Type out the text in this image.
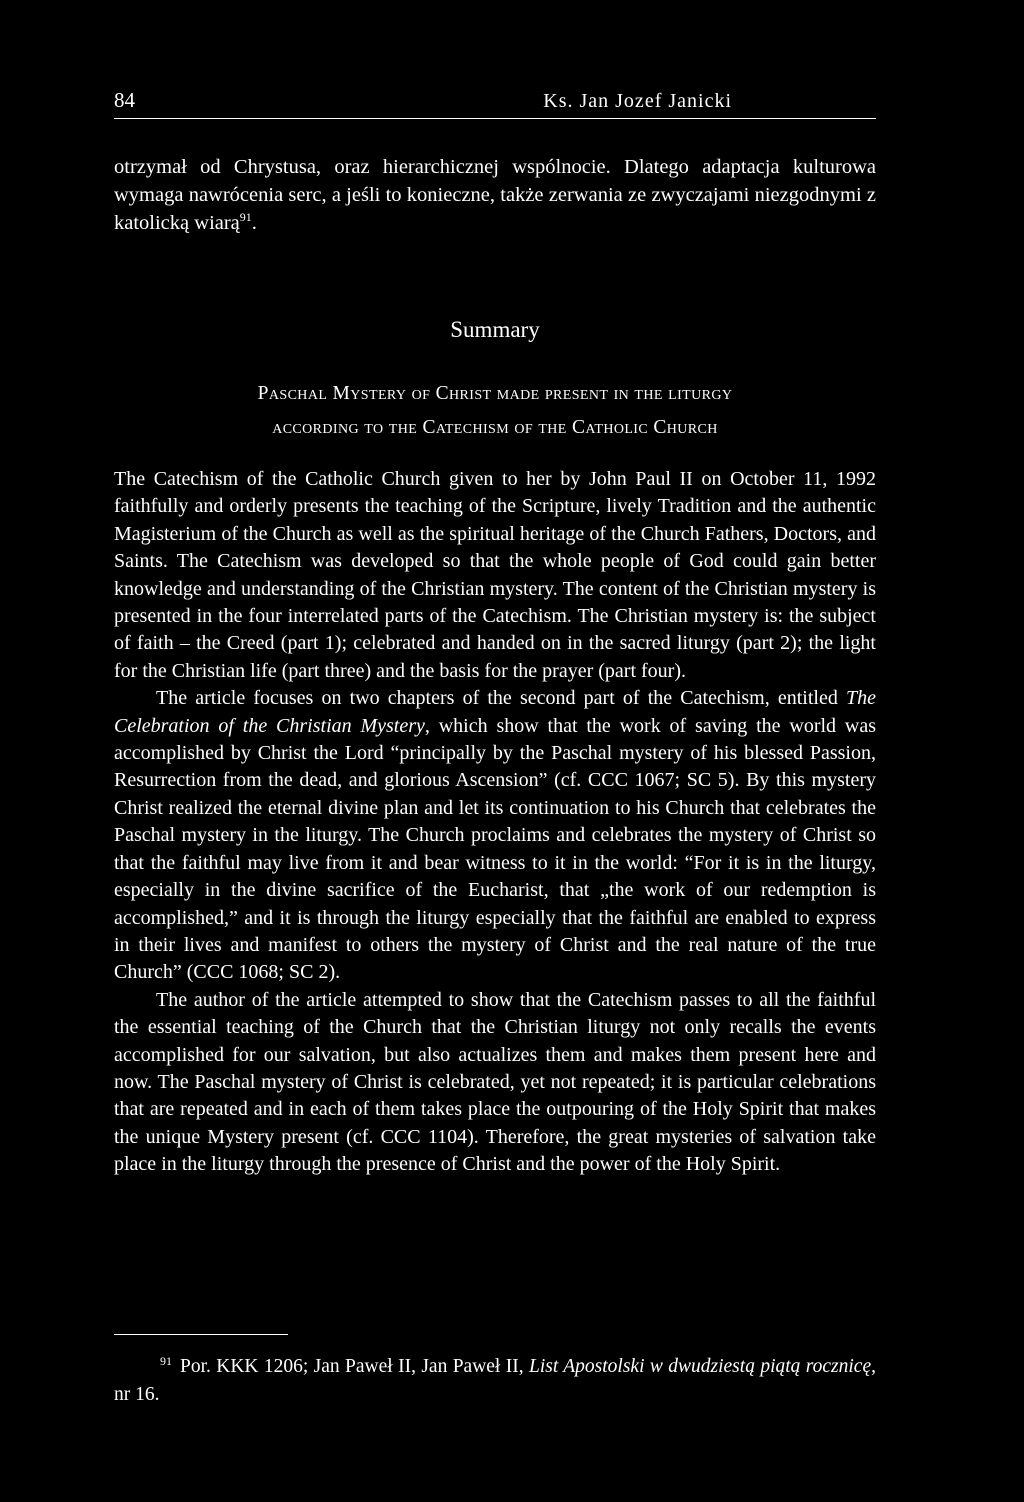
84	Ks. Jan Jozef Janicki
otrzymał od Chrystusa, oraz hierarchicznej wspólnocie. Dlatego adaptacja kulturowa wymaga nawrócenia serc, a jeśli to konieczne, także zerwania ze zwyczajami niezgodnymi z katolicką wiarą$^{91}$.
Summary
Paschal Mystery of Christ made present in the liturgy
according to the Catechism of the Catholic Church

The Catechism of the Catholic Church given to her by John Paul II on October 11, 1992 faithfully and orderly presents the teaching of the Scripture, lively Tradition and the authentic Magisterium of the Church as well as the spiritual heritage of the Church Fathers, Doctors, and Saints. The Catechism was developed so that the whole people of God could gain better knowledge and understanding of the Christian mystery. The content of the Christian mystery is presented in the four interrelated parts of the Catechism. The Christian mystery is: the subject of faith – the Creed (part 1); celebrated and handed on in the sacred liturgy (part 2); the light for the Christian life (part three) and the basis for the prayer (part four).

The article focuses on two chapters of the second part of the Catechism, entitled The Celebration of the Christian Mystery, which show that the work of saving the world was accomplished by Christ the Lord “principally by the Paschal mystery of his blessed Passion, Resurrection from the dead, and glorious Ascension” (cf. CCC 1067; SC 5). By this mystery Christ realized the eternal divine plan and let its continuation to his Church that celebrates the Paschal mystery in the liturgy. The Church proclaims and celebrates the mystery of Christ so that the faithful may live from it and bear witness to it in the world: “For it is in the liturgy, especially in the divine sacrifice of the Eucharist, that „the work of our redemption is accomplished,” and it is through the liturgy especially that the faithful are enabled to express in their lives and manifest to others the mystery of Christ and the real nature of the true Church” (CCC 1068; SC 2).

The author of the article attempted to show that the Catechism passes to all the faithful the essential teaching of the Church that the Christian liturgy not only recalls the events accomplished for our salvation, but also actualizes them and makes them present here and now. The Paschal mystery of Christ is celebrated, yet not repeated; it is particular celebrations that are repeated and in each of them takes place the outpouring of the Holy Spirit that makes the unique Mystery present (cf. CCC 1104). Therefore, the great mysteries of salvation take place in the liturgy through the presence of Christ and the power of the Holy Spirit.

$^{91}$ Por. KKK 1206; Jan Paweł II, Jan Paweł II, List Apostolski w dwudziestą piątą rocznicę, nr 16.
